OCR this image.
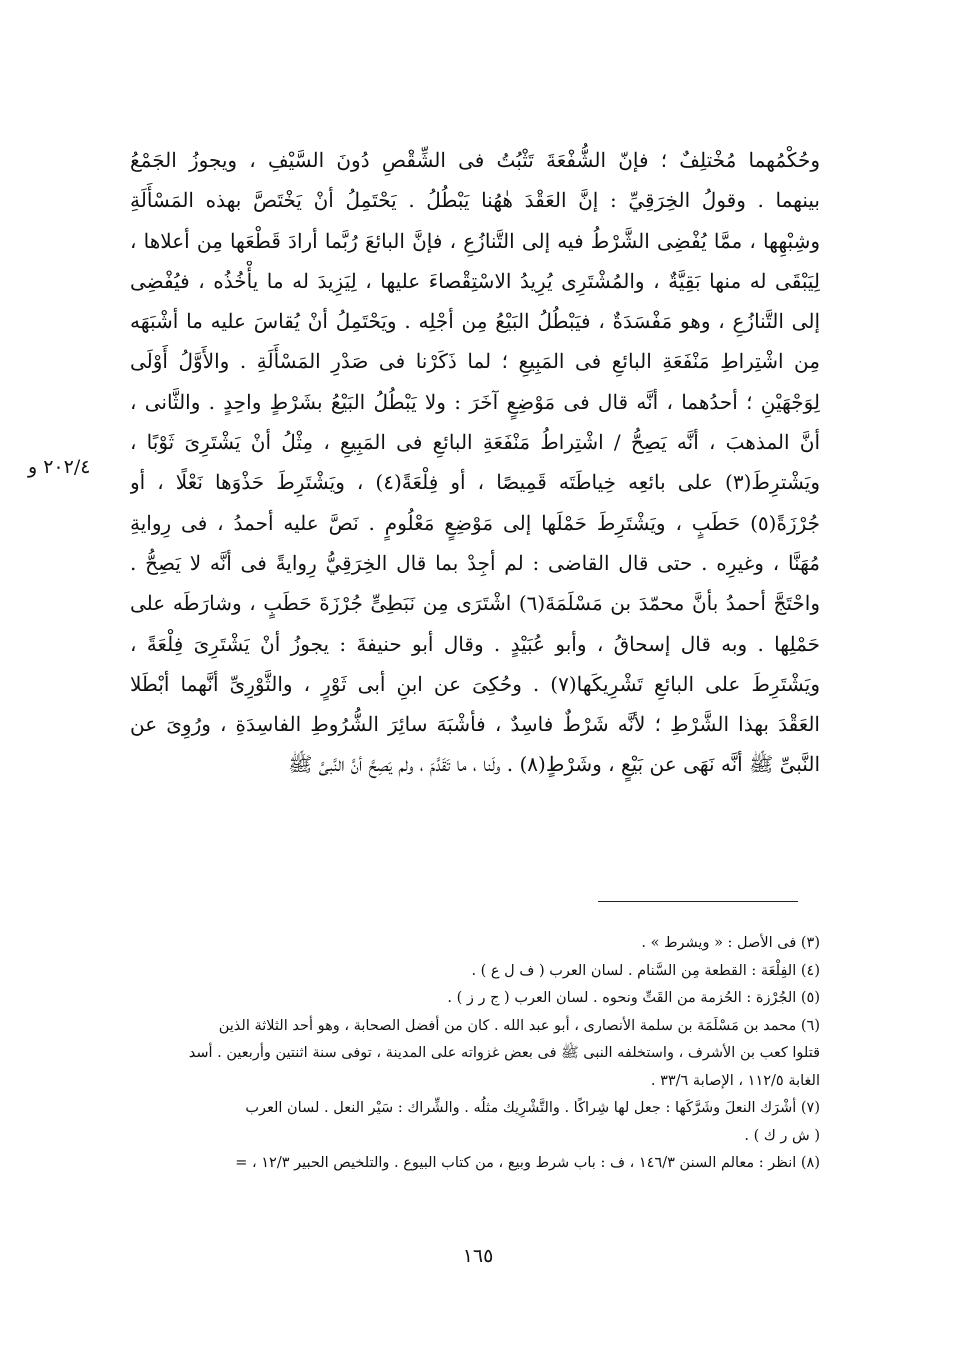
وحُكْمُهما مُخْتلِفٌ ؛ فإنّ الشُّفْعَةَ تَثْبُتُ فى الشِّقْصِ دُونَ السَّيْفِ ، ويجوزُ الجَمْعُ
بينهما . وقولُ الخِرَقِيِّ : إنَّ العَقْدَ هٰهُنا يَبْطُلُ . يَحْتَمِلُ أنْ يَخْتَصَّ بهذه المَسْأَلَةِ
وشِبْهِها ، ممَّا يُفْضِى الشَّرْطُ فيه إلى التَّنازُعِ ، فإنَّ البائعَ رُبَّما أرادَ قَطْعَها مِن أعلاها ،
لِيَبْقَى له منها بَقِيَّةٌ ، والمُشْتَرِى يُرِيدُ الاسْتِقْصاءَ عليها ، لِيَزِيدَ له ما يأْخُذُه ، فيُفْضِى
إلى التَّنازُعِ ، وهو مَفْسَدَةٌ ، فيَبْطُلُ البَيْعُ مِن أجْلِه . ويَحْتَمِلُ أنْ يُقاسَ عليه ما أشْبَهَه
مِن اشْتِراطِ مَنْفَعَةِ البائعِ فى المَبِيعِ ؛ لما ذَكَرْنا فى صَدْرِ المَسْأَلَةِ . والأَوَّلُ أَوْلَى
لِوَجْهَيْنِ ؛ أحدُهما ، أنَّه قال فى مَوْضِعٍ آخَرَ : ولا يَبْطُلُ البَيْعُ بشَرْطٍ واحِدٍ . والثَّانى ،
أنَّ المذهبَ ، أنَّه يَصِحُّ / اشْتِراطُ مَنْفَعَةِ البائعِ فى المَبِيعِ ، مِثْلُ أنْ يَشْتَرِىَ ثَوْبًا ،
ويَشْترِطَ(٣) على بائعِه خِياطَتَه قَمِيصًا ، أو فِلْعَةً(٤) ، ويَشْتَرِطَ حَذْوَها نَعْلًا ، أو
جُرْزَةً(٥) حَطَبٍ ، ويَشْتَرِطَ حَمْلَها إلى مَوْضِعٍ مَعْلُومٍ . نَصَّ عليه أحمدُ ، فى رِوايةِ
مُهَنَّا ، وغيرِه . حتى قال القاضى : لم أجِدْ بما قال الخِرَقِيُّ رِوايةً فى أنَّه لا يَصِحُّ .
واحْتَجَّ أحمدُ بأنَّ محمّدَ بن مَسْلَمَةَ(٦) اشْتَرَى مِن نَبَطِىٍّ جُرْزَةَ حَطَبٍ ، وشارَطَه على
حَمْلِها . وبه قال إسحاقُ ، وأبو عُبَيْدٍ . وقال أبو حنيفةَ : يجوزُ أنْ يَشْتَرِىَ فِلْعَةً ،
ويَشْتَرِطَ على البائعِ تَشْرِيكَها(٧) . وحُكِىَ عن ابنِ أبى ثَوْرٍ ، والثَّوْرِىِّ أنَّهما أبْطَلا
العَقْدَ بهذا الشَّرْطِ ؛ لأنَّه شَرْطٌ فاسِدٌ ، فأشْبَهَ سائِرَ الشُّرُوطِ الفاسِدَةِ ، ورُوِىَ عن
النَّبىِّ ﷺ أنَّه نَهَى عن بَيْعٍ ، وشَرْطٍ(٨) . ولَنا ، ما تَقَدَّمَ ، ولم يَصِحَّ أنَّ النَّبىَّ ﷺ
٢٠٢/٤ و
(٣) فى الأصل : « ويشرط » .
(٤) الفِلْعَة : القطعة مِن السَّنام . لسان العرب ( ف ل ع ) .
(٥) الجُرْزة : الحُزمة من القَتِّ ونحوه . لسان العرب ( ج ر ز ) .
(٦) محمد بن مَسْلَمَة بن سلمة الأنصارى ، أبو عبد الله . كان من أفضل الصحابة ، وهو أحد الثلاثة الذين
قتلوا كعب بن الأشرف ، واستخلفه النبى ﷺ فى بعض غزواته على المدينة ، توفى سنة اثنتين وأربعين . أسد
الغابة ١١٢/٥ ، الإصابة ٣٣/٦ .
(٧) أشْرَك النعلَ وشَرَّكَها : جعل لها شِراكًا . والتَّشْرِيك مثلُه . والشِّراك : سَيْر النعل . لسان العرب
( ش ر ك ) .
(٨) انظر : معالم السنن ١٤٦/٣ ، ف : باب شرط وبيع ، من كتاب البيوع . والتلخيص الحبير ١٢/٣ ، =
١٦٥
